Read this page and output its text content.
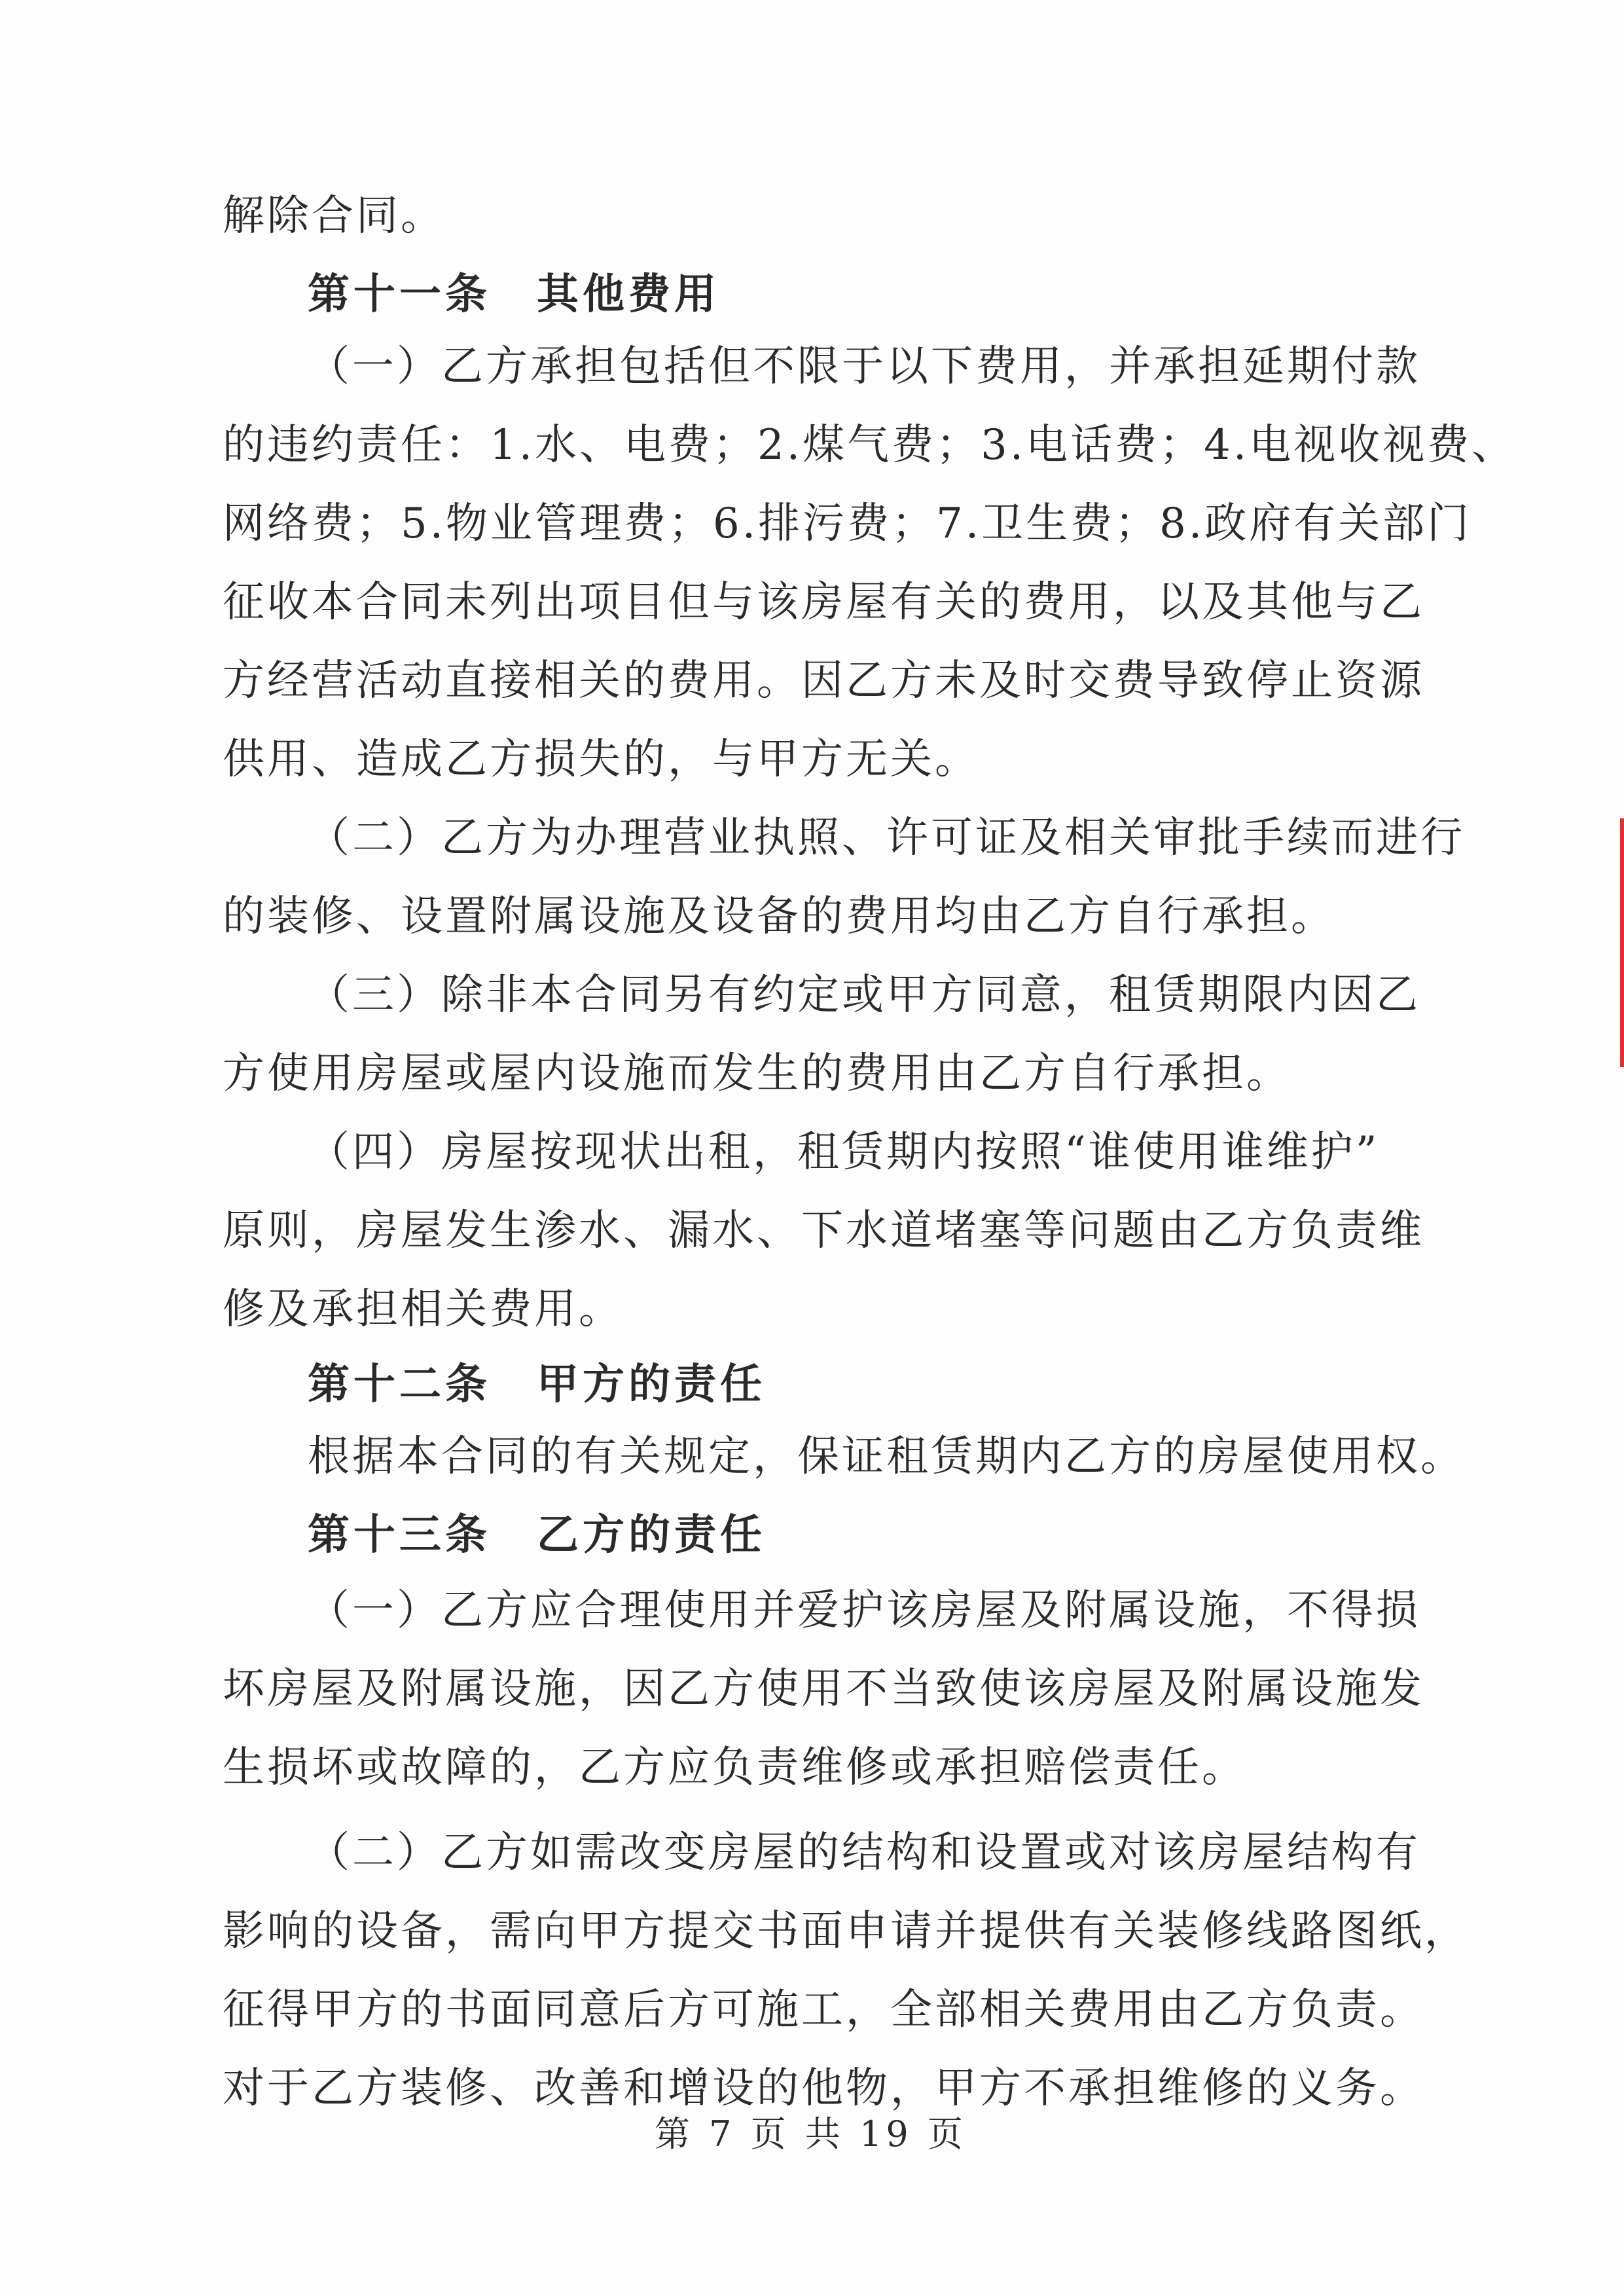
解除合同。
第十一条　其他费用
（一）乙方承担包括但不限于以下费用，并承担延期付款
的违约责任：1.水、电费；2.煤气费；3.电话费；4.电视收视费、
网络费；5.物业管理费；6.排污费；7.卫生费；8.政府有关部门
征收本合同未列出项目但与该房屋有关的费用，以及其他与乙
方经营活动直接相关的费用。因乙方未及时交费导致停止资源
供用、造成乙方损失的，与甲方无关。
（二）乙方为办理营业执照、许可证及相关审批手续而进行
的装修、设置附属设施及设备的费用均由乙方自行承担。
（三）除非本合同另有约定或甲方同意，租赁期限内因乙
方使用房屋或屋内设施而发生的费用由乙方自行承担。
（四）房屋按现状出租，租赁期内按照“谁使用谁维护”
原则，房屋发生渗水、漏水、下水道堵塞等问题由乙方负责维
修及承担相关费用。
第十二条　甲方的责任
根据本合同的有关规定，保证租赁期内乙方的房屋使用权。
第十三条　乙方的责任
（一）乙方应合理使用并爱护该房屋及附属设施，不得损
坏房屋及附属设施，因乙方使用不当致使该房屋及附属设施发
生损坏或故障的，乙方应负责维修或承担赔偿责任。
（二）乙方如需改变房屋的结构和设置或对该房屋结构有
影响的设备，需向甲方提交书面申请并提供有关装修线路图纸，
征得甲方的书面同意后方可施工，全部相关费用由乙方负责。
对于乙方装修、改善和增设的他物，甲方不承担维修的义务。
第 7 页 共 19 页
